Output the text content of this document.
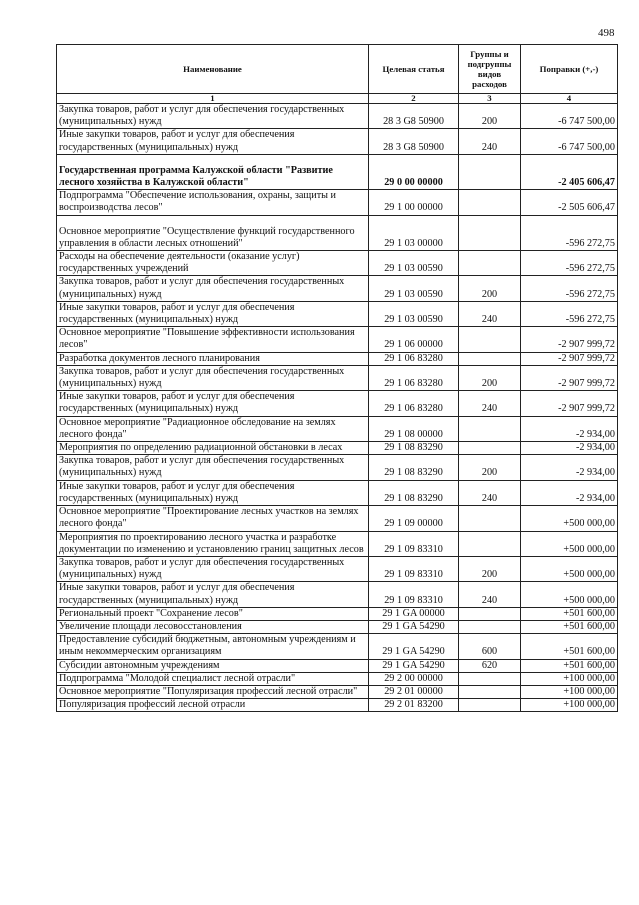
498
Наименование	Целевая статья	Группы и подгруппы видов расходов	Поправки (+,-)
1	2	3	4
Закупка товаров, работ и услуг для обеспечения государственных (муниципальных) нужд	28 3 G8 50900	200	-6 747 500,00
Иные закупки товаров, работ и услуг для обеспечения государственных (муниципальных) нужд	28 3 G8 50900	240	-6 747 500,00
Государственная программа Калужской области "Развитие лесного хозяйства в Калужской области"	29 0 00 00000		-2 405 606,47
Подпрограмма "Обеспечение использования, охраны, защиты и воспроизводства лесов"	29 1 00 00000		-2 505 606,47
Основное мероприятие "Осуществление функций государственного управления в области лесных отношений"	29 1 03 00000		-596 272,75
Расходы на обеспечение деятельности (оказание услуг) государственных учреждений	29 1 03 00590		-596 272,75
Закупка товаров, работ и услуг для обеспечения государственных (муниципальных) нужд	29 1 03 00590	200	-596 272,75
Иные закупки товаров, работ и услуг для обеспечения государственных (муниципальных) нужд	29 1 03 00590	240	-596 272,75
Основное мероприятие "Повышение эффективности использования лесов"	29 1 06 00000		-2 907 999,72
Разработка документов лесного планирования	29 1 06 83280		-2 907 999,72
Закупка товаров, работ и услуг для обеспечения государственных (муниципальных) нужд	29 1 06 83280	200	-2 907 999,72
Иные закупки товаров, работ и услуг для обеспечения государственных (муниципальных) нужд	29 1 06 83280	240	-2 907 999,72
Основное мероприятие "Радиационное обследование на землях лесного фонда"	29 1 08 00000		-2 934,00
Мероприятия по определению радиационной обстановки в лесах	29 1 08 83290		-2 934,00
Закупка товаров, работ и услуг для обеспечения государственных (муниципальных) нужд	29 1 08 83290	200	-2 934,00
Иные закупки товаров, работ и услуг для обеспечения государственных (муниципальных) нужд	29 1 08 83290	240	-2 934,00
Основное мероприятие "Проектирование лесных участков на землях лесного фонда"	29 1 09 00000		+500 000,00
Мероприятия по проектированию лесного участка и разработке документации по изменению и установлению границ защитных лесов	29 1 09 83310		+500 000,00
Закупка товаров, работ и услуг для обеспечения государственных (муниципальных) нужд	29 1 09 83310	200	+500 000,00
Иные закупки товаров, работ и услуг для обеспечения государственных (муниципальных) нужд	29 1 09 83310	240	+500 000,00
Региональный проект "Сохранение лесов"	29 1 GA 00000		+501 600,00
Увеличение площади лесовосстановления	29 1 GA 54290		+501 600,00
Предоставление субсидий бюджетным, автономным учреждениям и иным некоммерческим организациям	29 1 GA 54290	600	+501 600,00
Субсидии автономным учреждениям	29 1 GA 54290	620	+501 600,00
Подпрограмма "Молодой специалист лесной отрасли"	29 2 00 00000		+100 000,00
Основное мероприятие "Популяризация профессий лесной отрасли"	29 2 01 00000		+100 000,00
Популяризация профессий лесной отрасли	29 2 01 83200		+100 000,00
